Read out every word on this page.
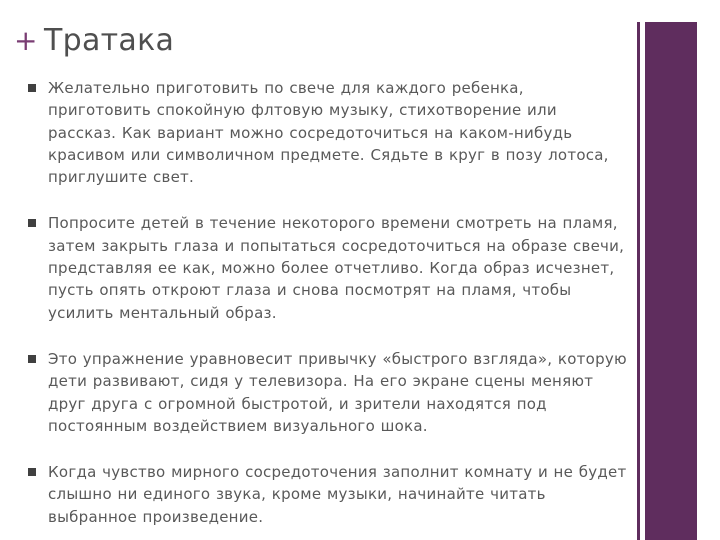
+ Тратака
Желательно приготовить по свече для каждого ребенка, приготовить спокойную флтовую музыку, стихотворение или рассказ. Как вариант можно сосредоточиться на каком-нибудь красивом или символичном предмете. Сядьте в круг в позу лотоса, приглушите свет.
Попросите детей в течение некоторого времени смотреть на пламя, затем закрыть глаза и попытаться сосредоточиться на образе свечи, представляя ее как, можно более отчетливо. Когда образ исчезнет, пусть опять откроют глаза и снова посмотрят на пламя, чтобы усилить ментальный образ.
Это упражнение уравновесит привычку «быстрого взгляда», которую дети развивают, сидя у телевизора. На его экране сцены меняют друг друга с огромной быстротой, и зрители находятся под постоянным воздействием визуального шока.
Когда чувство мирного сосредоточения заполнит комнату и не будет слышно ни единого звука, кроме музыки, начинайте читать выбранное произведение.
